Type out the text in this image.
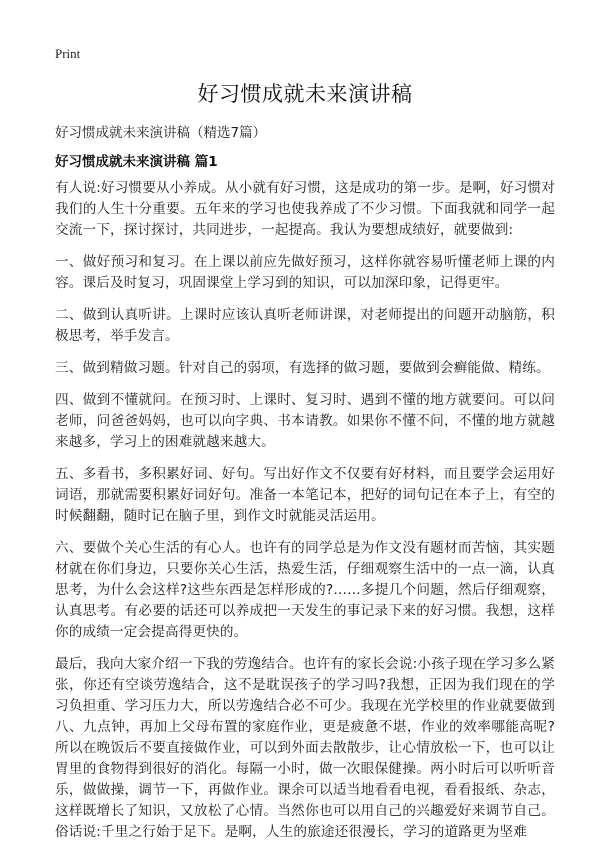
Print
好习惯成就未来演讲稿
好习惯成就未来演讲稿（精选7篇）
好习惯成就未来演讲稿 篇1

有人说:好习惯要从小养成。从小就有好习惯，这是成功的第一步。是啊，好习惯对我们的人生十分重要。五年来的学习也使我养成了不少习惯。下面我就和同学一起交流一下，探讨探讨，共同进步，一起提高。我认为要想成绩好，就要做到:

一、做好预习和复习。在上课以前应先做好预习，这样你就容易听懂老师上课的内容。课后及时复习，巩固课堂上学习到的知识，可以加深印象，记得更牢。

二、做到认真听讲。上课时应该认真听老师讲课，对老师提出的问题开动脑筋，积极思考，举手发言。

三、做到精做习题。针对自己的弱项，有选择的做习题，要做到会癣能做、精练。

四、做到不懂就问。在预习时、上课时、复习时、遇到不懂的地方就要问。可以问老师，问爸爸妈妈，也可以向字典、书本请教。如果你不懂不问，不懂的地方就越来越多，学习上的困难就越来越大。

五、多看书，多积累好词、好句。写出好作文不仅要有好材料，而且要学会运用好词语，那就需要积累好词好句。准备一本笔记本，把好的词句记在本子上，有空的时候翻翻，随时记在脑子里，到作文时就能灵活运用。

六、要做个关心生活的有心人。也许有的同学总是为作文没有题材而苦恼，其实题材就在你们身边，只要你关心生活，热爱生活，仔细观察生活中的一点一滴，认真思考，为什么会这样?这些东西是怎样形成的?……多提几个问题，然后仔细观察，认真思考。有必要的话还可以养成把一天发生的事记录下来的好习惯。我想，这样你的成绩一定会提高得更快的。

最后，我向大家介绍一下我的劳逸结合。也许有的家长会说:小孩子现在学习多么紧张，你还有空谈劳逸结合，这不是耽误孩子的学习吗?我想，正因为我们现在的学习负担重、学习压力大，所以劳逸结合必不可少。我现在光学校里的作业就要做到八、九点钟，再加上父母布置的家庭作业，更是疲惫不堪，作业的效率哪能高呢?所以在晚饭后不要直接做作业，可以到外面去散散步，让心情放松一下，也可以让胃里的食物得到很好的消化。每隔一小时，做一次眼保健操。两小时后可以听听音乐，做做操，调节一下，再做作业。课余可以适当地看看电视，看看报纸、杂志，这样既增长了知识，又放松了心情。当然你也可以用自己的兴趣爱好来调节自己。俗话说:千里之行始于足下。是啊，人生的旅途还很漫长，学习的道路更为坚难
